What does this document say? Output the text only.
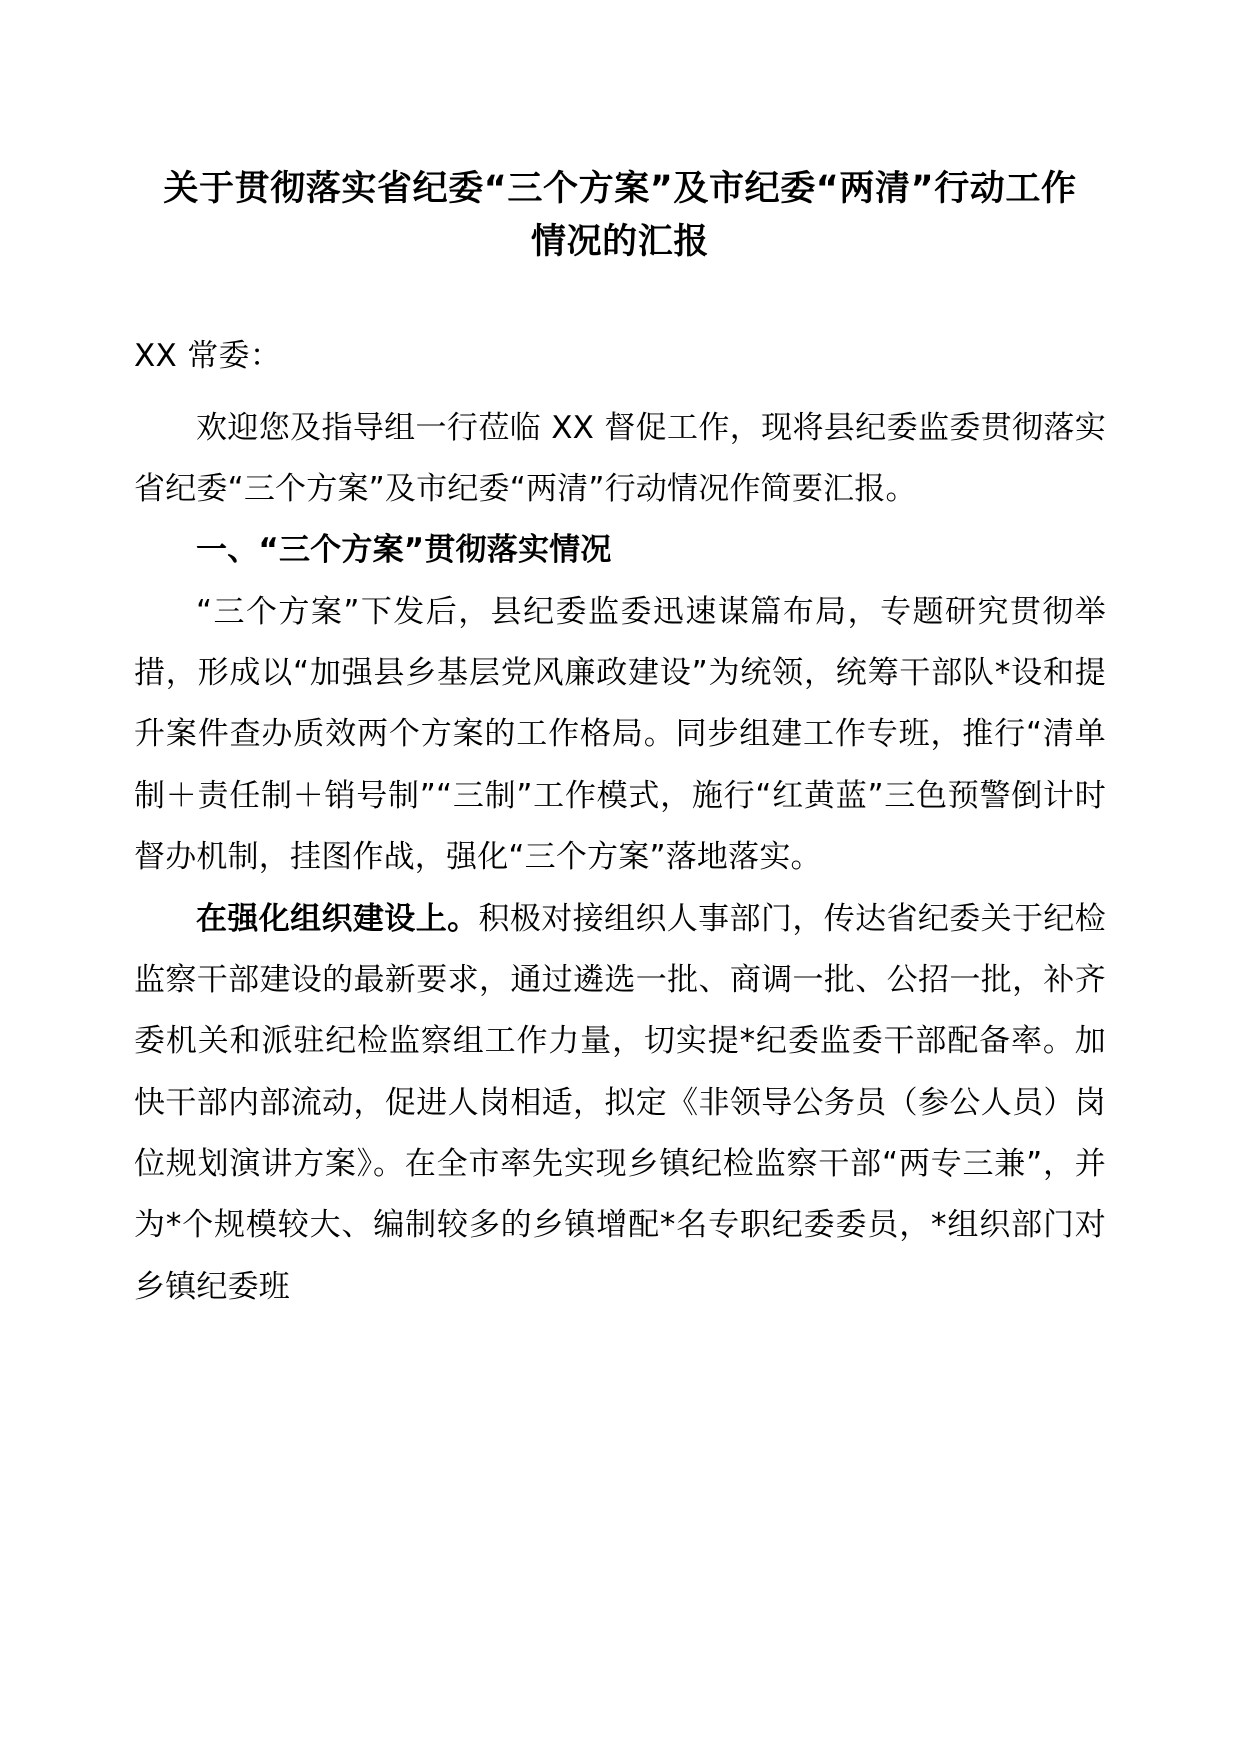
关于贯彻落实省纪委“三个方案”及市纪委“两清”行动工作
情况的汇报

XX 常委：

欢迎您及指导组一行莅临 XX 督促工作，现将县纪委监委贯彻落实省纪委“三个方案”及市纪委“两清”行动情况作简要汇报。

一、“三个方案”贯彻落实情况

“三个方案”下发后，县纪委监委迅速谋篇布局，专题研究贯彻举措，形成以“加强县乡基层党风廉政建设”为统领，统筹干部队*设和提升案件查办质效两个方案的工作格局。同步组建工作专班，推行“清单制＋责任制＋销号制”“三制”工作模式，施行“红黄蓝”三色预警倒计时督办机制，挂图作战，强化“三个方案”落地落实。

在强化组织建设上。积极对接组织人事部门，传达省纪委关于纪检监察干部建设的最新要求，通过遴选一批、商调一批、公招一批，补齐委机关和派驻纪检监察组工作力量，切实提*纪委监委干部配备率。加快干部内部流动，促进人岗相适，拟定《非领导公务员（参公人员）岗位规划演讲方案》。在全市率先实现乡镇纪检监察干部“两专三兼”，并为*个规模较大、编制较多的乡镇增配*名专职纪委委员，*组织部门对乡镇纪委班
